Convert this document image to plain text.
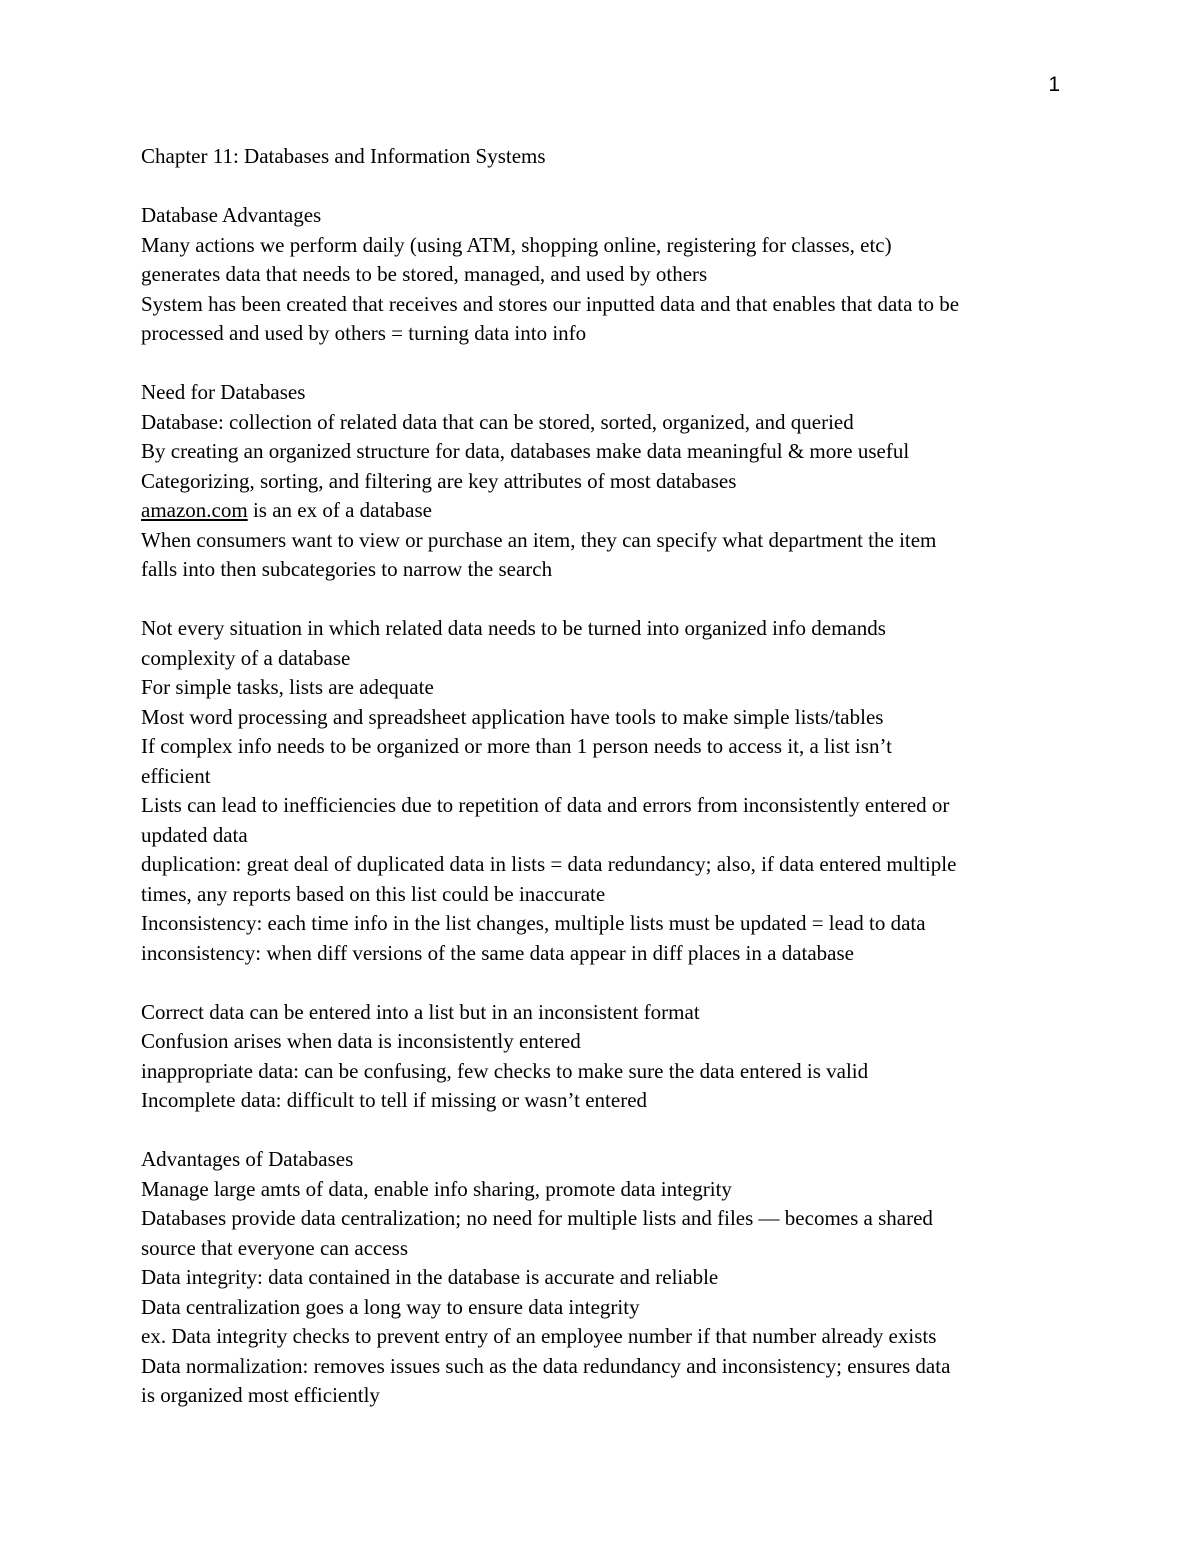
1
Chapter 11: Databases and Information Systems
Database Advantages
Many actions we perform daily (using ATM, shopping online, registering for classes, etc)
generates data that needs to be stored, managed, and used by others
System has been created that receives and stores our inputted data and that enables that data to be
processed and used by others = turning data into info
Need for Databases
Database: collection of related data that can be stored, sorted, organized, and queried
By creating an organized structure for data, databases make data meaningful & more useful
Categorizing, sorting, and filtering are key attributes of most databases
amazon.com is an ex of a database
When consumers want to view or purchase an item, they can specify what department the item
falls into then subcategories to narrow the search
Not every situation in which related data needs to be turned into organized info demands
complexity of a database
For simple tasks, lists are adequate
Most word processing and spreadsheet application have tools to make simple lists/tables
If complex info needs to be organized or more than 1 person needs to access it, a list isn’t
efficient
Lists can lead to inefficiencies due to repetition of data and errors from inconsistently entered or
updated data
duplication: great deal of duplicated data in lists = data redundancy; also, if data entered multiple
times, any reports based on this list could be inaccurate
Inconsistency: each time info in the list changes, multiple lists must be updated = lead to data
inconsistency: when diff versions of the same data appear in diff places in a database
Correct data can be entered into a list but in an inconsistent format
Confusion arises when data is inconsistently entered
inappropriate data: can be confusing, few checks to make sure the data entered is valid
Incomplete data: difficult to tell if missing or wasn’t entered
Advantages of Databases
Manage large amts of data, enable info sharing, promote data integrity
Databases provide data centralization; no need for multiple lists and files — becomes a shared
source that everyone can access
Data integrity: data contained in the database is accurate and reliable
Data centralization goes a long way to ensure data integrity
ex. Data integrity checks to prevent entry of an employee number if that number already exists
Data normalization: removes issues such as the data redundancy and inconsistency; ensures data
is organized most efficiently
